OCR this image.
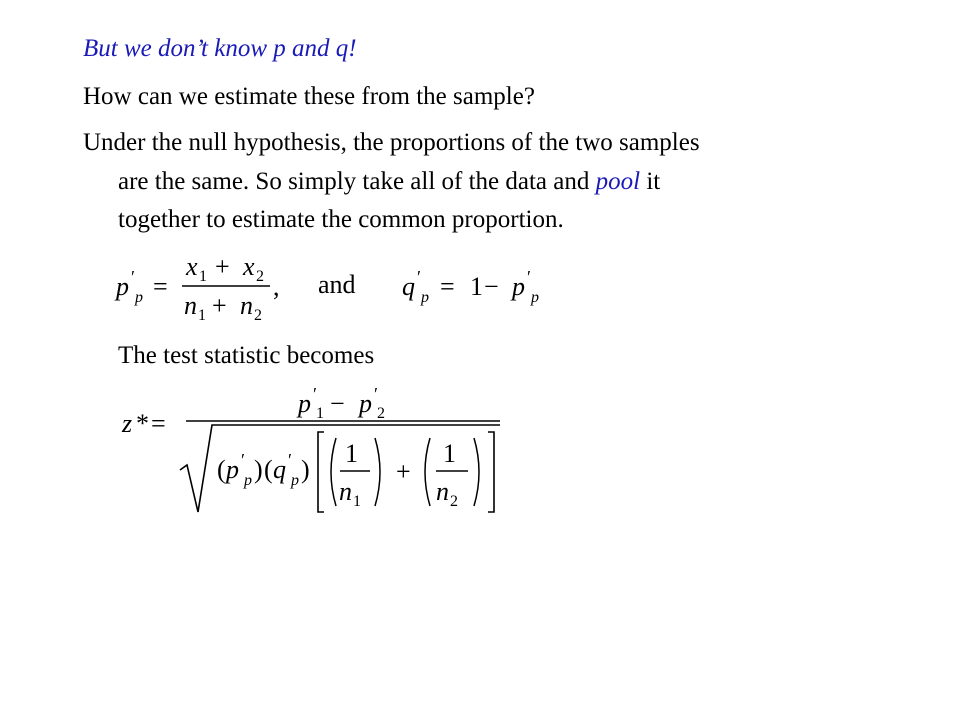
But we don’t know p and q!
How can we estimate these from the sample?
Under the null hypothesis, the proportions of the two samples
are the same. So simply take all of the data and pool it
together to estimate the common proportion.
The test statistic becomes
p ′
p =
x 1 + x 2
n 1 + n 2
, and q ′
p = 1 − p ′
p
z * =
p ′
1 − p ′
2
( p ′
p ) ( q ′
p )
1
n 1
+
1
n 2
